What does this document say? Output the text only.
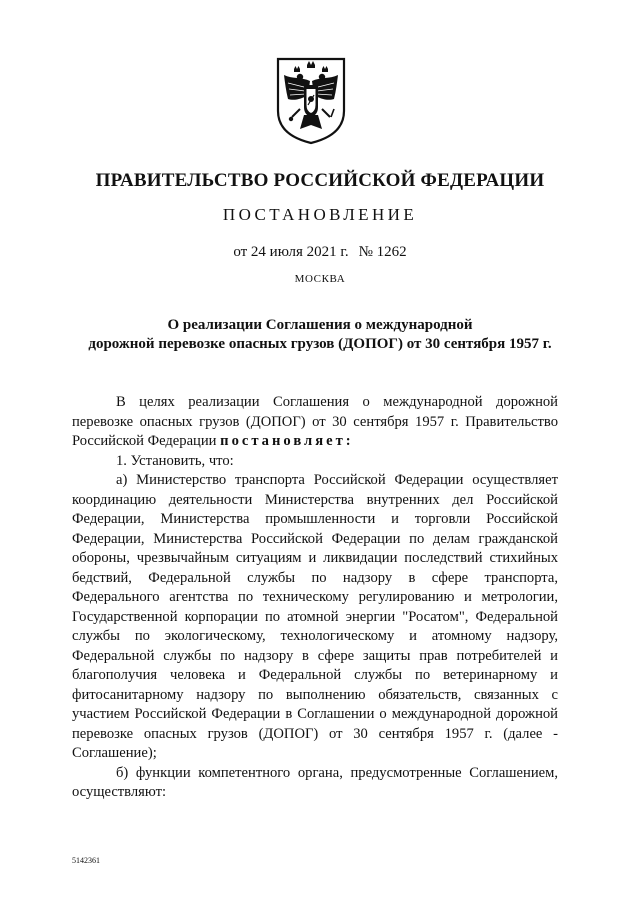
ПРАВИТЕЛЬСТВО РОССИЙСКОЙ ФЕДЕРАЦИИ
ПОСТАНОВЛЕНИЕ
от 24 июля 2021 г. № 1262
МОСКВА
О реализации Соглашения о международной
дорожной перевозке опасных грузов (ДОПОГ) от 30 сентября 1957 г.

В целях реализации Соглашения о международной дорожной перевозке опасных грузов (ДОПОГ) от 30 сентября 1957 г. Правительство Российской Федерации постановляет:

1. Установить, что:

а) Министерство транспорта Российской Федерации осуществляет координацию деятельности Министерства внутренних дел Российской Федерации, Министерства промышленности и торговли Российской Федерации, Министерства Российской Федерации по делам гражданской обороны, чрезвычайным ситуациям и ликвидации последствий стихийных бедствий, Федеральной службы по надзору в сфере транспорта, Федерального агентства по техническому регулированию и метрологии, Государственной корпорации по атомной энергии "Росатом", Федеральной службы по экологическому, технологическому и атомному надзору, Федеральной службы по надзору в сфере защиты прав потребителей и благополучия человека и Федеральной службы по ветеринарному и фитосанитарному надзору по выполнению обязательств, связанных с участием Российской Федерации в Соглашении о международной дорожной перевозке опасных грузов (ДОПОГ) от 30 сентября 1957 г. (далее - Соглашение);

б) функции компетентного органа, предусмотренные Соглашением, осуществляют:

5142361
